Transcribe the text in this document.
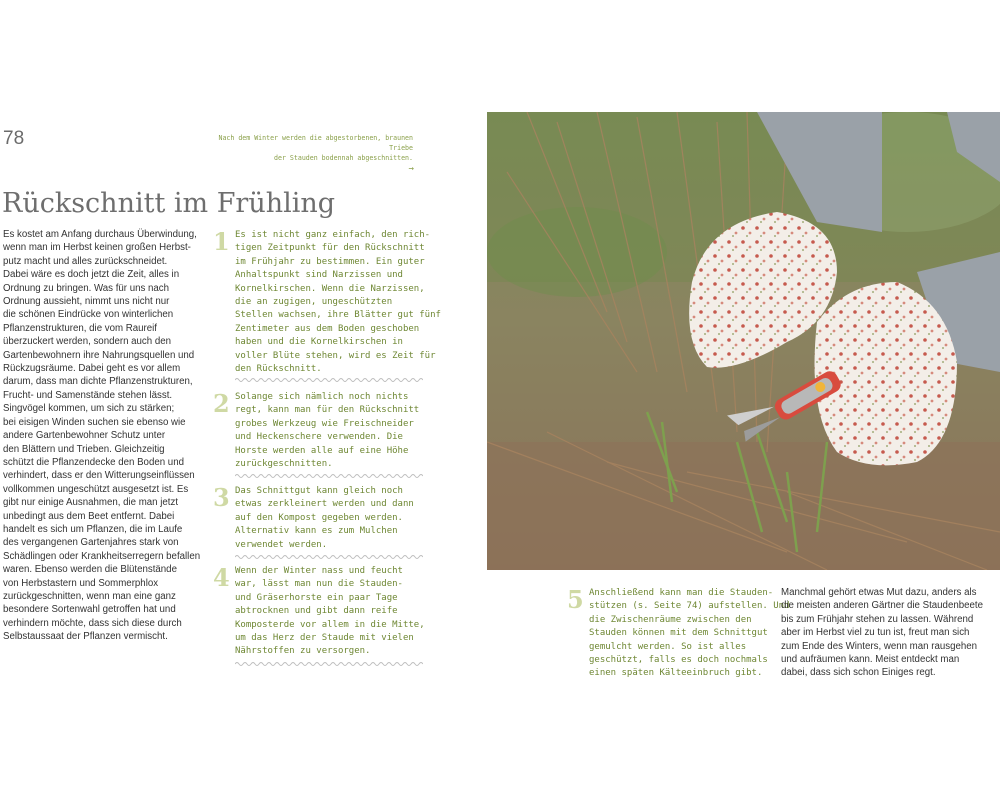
78	Nach dem Winter werden die abgestorbenen, braunen Triebe
der Stauden bodennah abgeschnitten.
→
Rückschnitt im Frühling
Es kostet am Anfang durchaus Überwindung,
wenn man im Herbst keinen großen Herbst-
putz macht und alles zurückschneidet.
Dabei wäre es doch jetzt die Zeit, alles in
Ordnung zu bringen. Was für uns nach
Ordnung aussieht, nimmt uns nicht nur
die schönen Eindrücke von winterlichen
Pflanzenstrukturen, die vom Raureif
überzuckert werden, sondern auch den
Gartenbewohnern ihre Nahrungsquellen und
Rückzugsräume. Dabei geht es vor allem
darum, dass man dichte Pflanzenstrukturen,
Frucht- und Samenstände stehen lässt.
Singvögel kommen, um sich zu stärken;
bei eisigen Winden suchen sie ebenso wie
andere Gartenbewohner Schutz unter
den Blättern und Trieben. Gleichzeitig
schützt die Pflanzendecke den Boden und
verhindert, dass er den Witterungseinflüssen
vollkommen ungeschützt ausgesetzt ist. Es
gibt nur einige Ausnahmen, die man jetzt
unbedingt aus dem Beet entfernt. Dabei
handelt es sich um Pflanzen, die im Laufe
des vergangenen Gartenjahres stark von
Schädlingen oder Krankheitserregern befallen
waren. Ebenso werden die Blütenstände
von Herbstastern und Sommerphlox
zurückgeschnitten, wenn man eine ganz
besondere Sortenwahl getroffen hat und
verhindern möchte, dass sich diese durch
Selbstaussaat der Pflanzen vermischt.
1 Es ist nicht ganz einfach, den rich-
tigen Zeitpunkt für den Rückschnitt
im Frühjahr zu bestimmen. Ein guter
Anhaltspunkt sind Narzissen und
Kornelkirschen. Wenn die Narzissen,
die an zugigen, ungeschützten
Stellen wachsen, ihre Blätter gut fünf
Zentimeter aus dem Boden geschoben
haben und die Kornelkirschen in
voller Blüte stehen, wird es Zeit für
den Rückschnitt.
2 Solange sich nämlich noch nichts
regt, kann man für den Rückschnitt
grobes Werkzeug wie Freischneider
und Heckenschere verwenden. Die
Horste werden alle auf eine Höhe
zurückgeschnitten.
3 Das Schnittgut kann gleich noch
etwas zerkleinert werden und dann
auf den Kompost gegeben werden.
Alternativ kann es zum Mulchen
verwendet werden.
4 Wenn der Winter nass und feucht
war, lässt man nun die Stauden-
und Gräserhorste ein paar Tage
abtrocknen und gibt dann reife
Komposterde vor allem in die Mitte,
um das Herz der Staude mit vielen
Nährstoffen zu versorgen.
5 Anschließend kann man die Stauden-
stützen (s. Seite 74) aufstellen. Und
die Zwischenräume zwischen den
Stauden können mit dem Schnittgut
gemulcht werden. So ist alles
geschützt, falls es doch nochmals
einen späten Kälteeinbruch gibt.
Manchmal gehört etwas Mut dazu, anders als
die meisten anderen Gärtner die Staudenbeete
bis zum Frühjahr stehen zu lassen. Während
aber im Herbst viel zu tun ist, freut man sich
zum Ende des Winters, wenn man rausgehen
und aufräumen kann. Meist entdeckt man
dabei, dass sich schon Einiges regt.
